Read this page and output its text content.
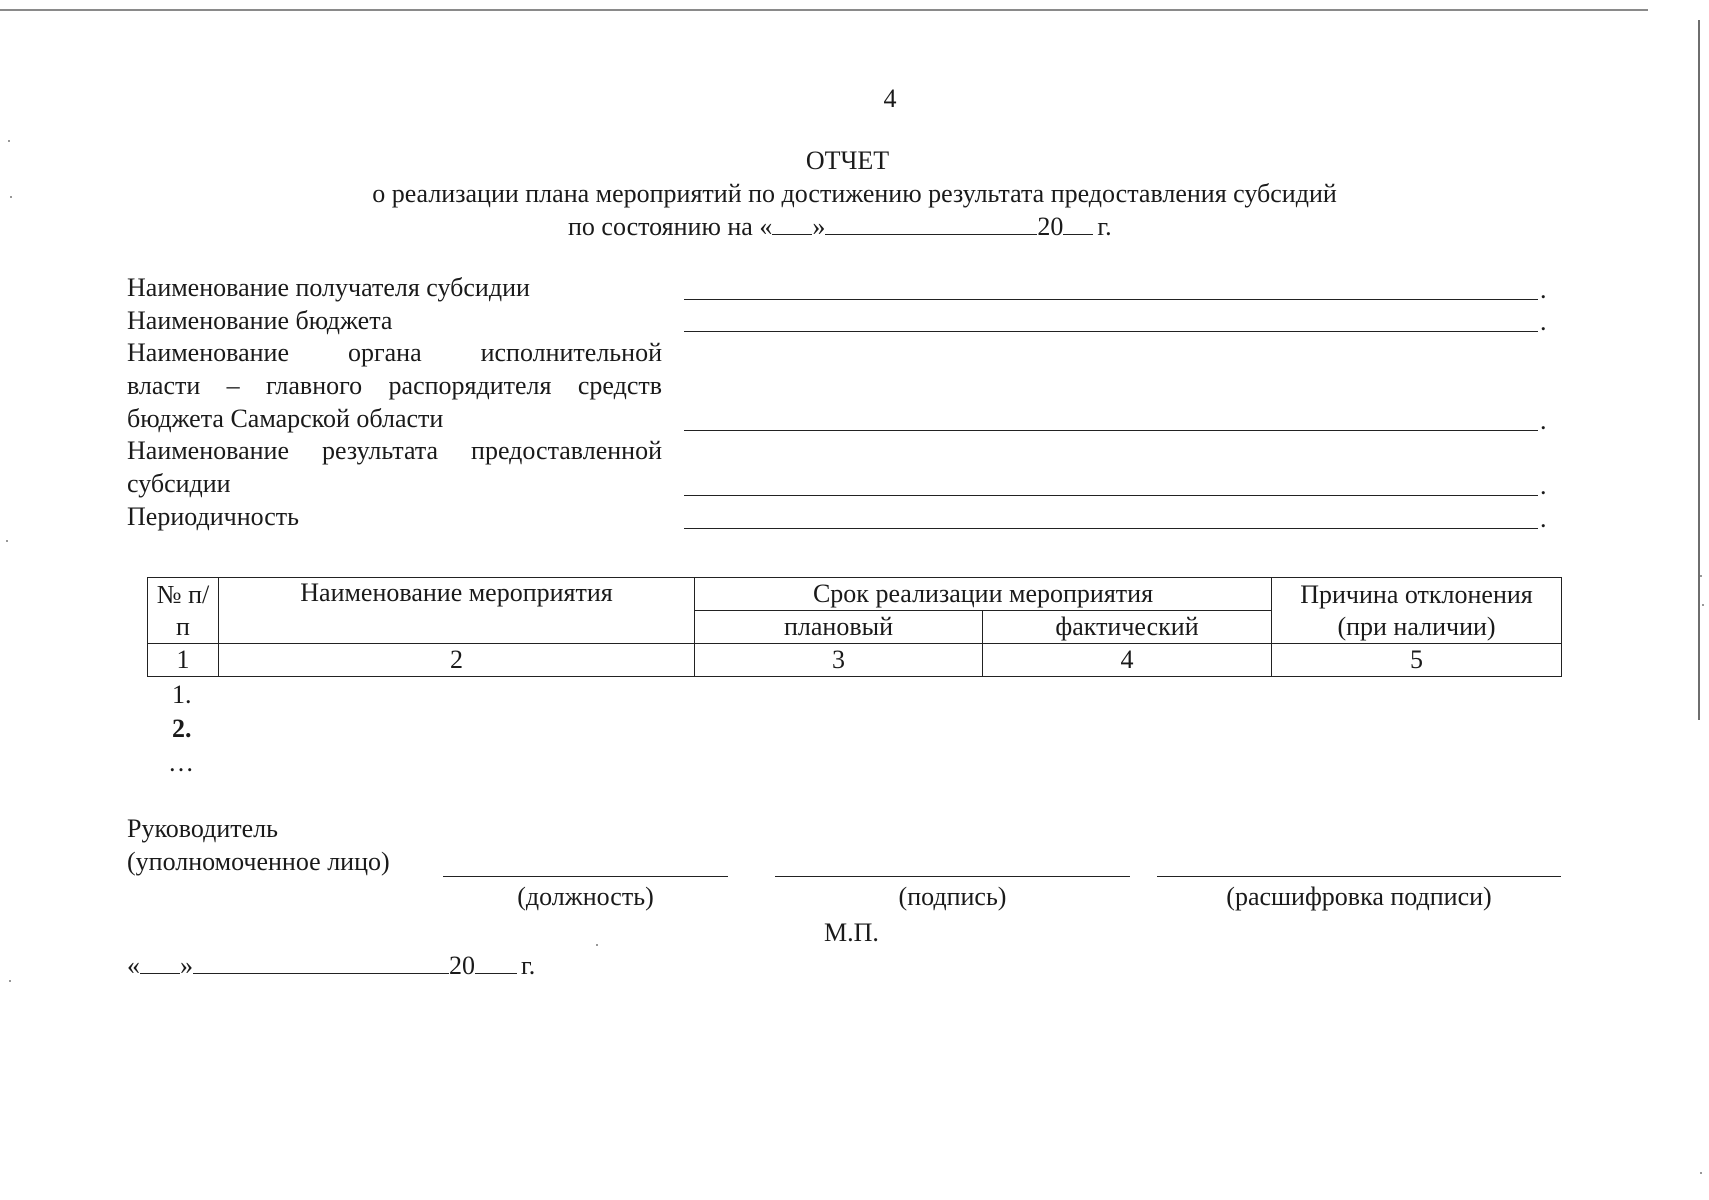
4
ОТЧЕТ
о реализации плана мероприятий по достижению результата предоставления субсидий
по состоянию на « »	20 г.
Наименование получателя субсидии	.
Наименование бюджета	.
Наименование органа исполнительной
власти – главного распорядителя средств
бюджета Самарской области	.
Наименование результата предоставленной
субсидии	.
Периодичность	.
№ п/п	Наименование мероприятия	Срок реализации мероприятия		Причина отклонения (при наличии)
		плановый	фактический	
1	2	3	4	5
1.
2.
…
Руководитель
(уполномоченное лицо)
(должность)	(подпись)	(расшифровка подписи)
М.П.
« »	20 г.
